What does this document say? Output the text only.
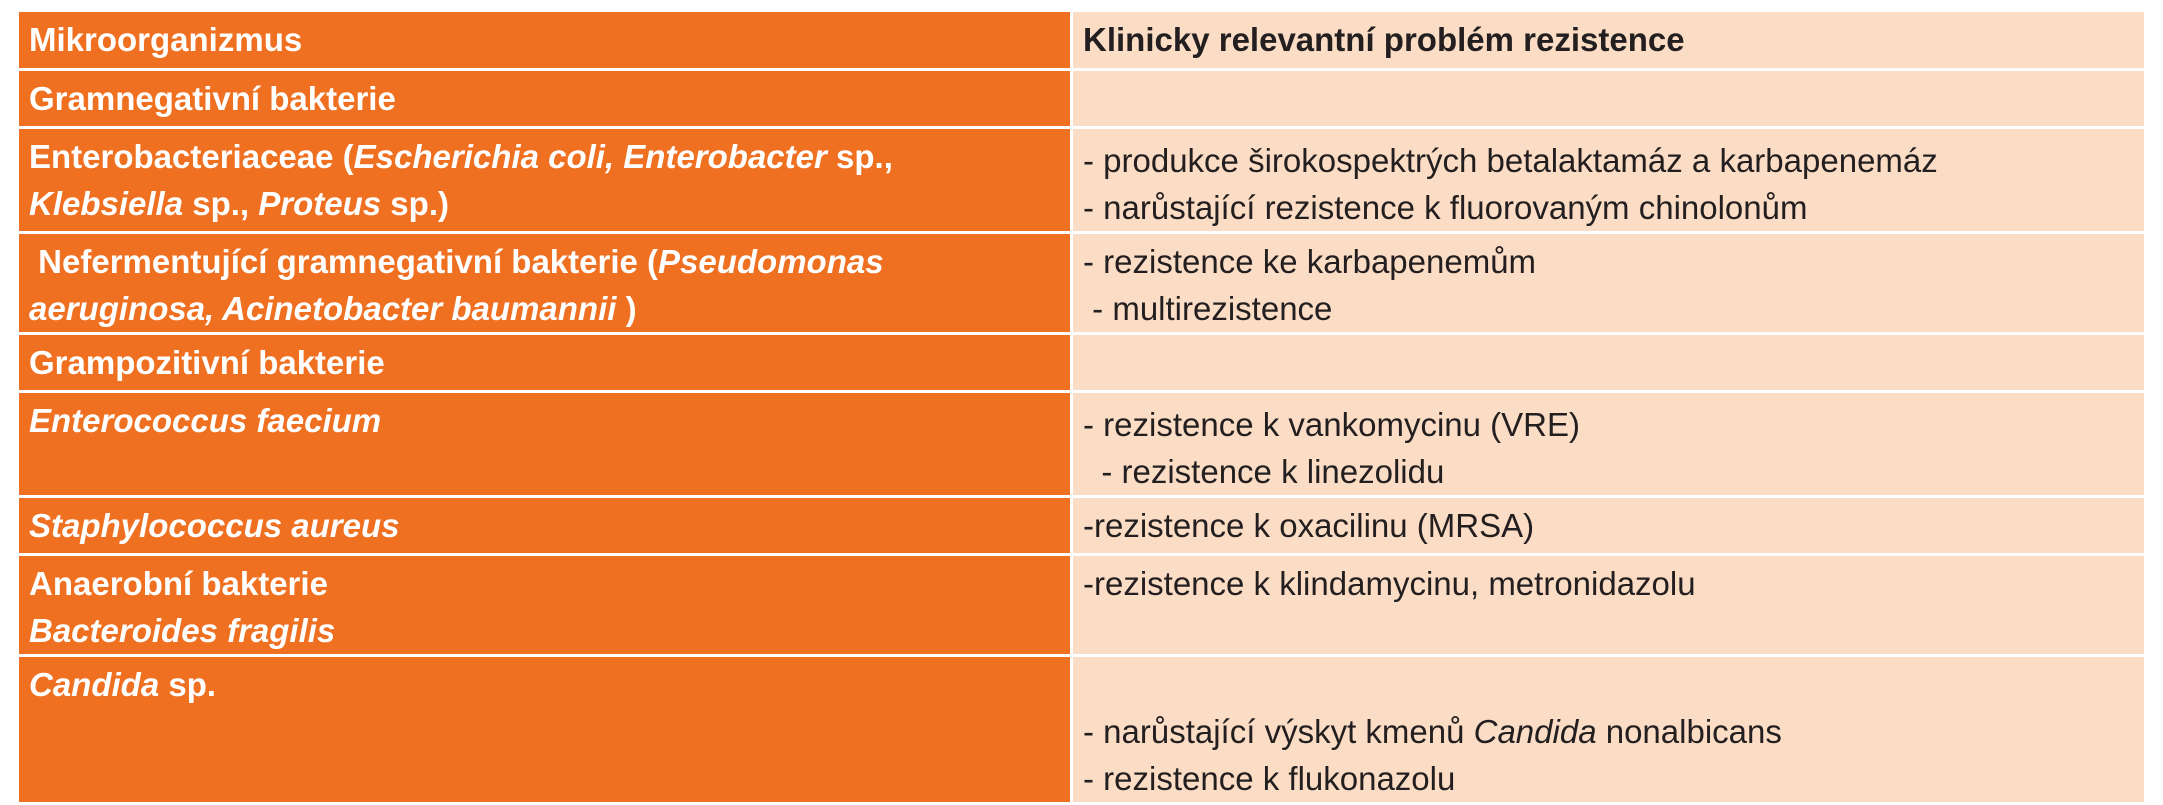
Mikroorganizmus	Klinicky relevantní problém rezistence

Gramnegativní bakterie	

Enterobacteriaceae (Escherichia coli, Enterobacter sp.,
Klebsiella sp., Proteus sp.)	- produkce širokospektrých betalaktamáz a karbapenemáz
- narůstající rezistence k fluorovaným chinolonům

Nefermentující gramnegativní bakterie (Pseudomonas
aeruginosa, Acinetobacter baumannii )	- rezistence ke karbapenemům
- multirezistence

Grampozitivní bakterie	

Enterococcus faecium	- rezistence k vankomycinu (VRE)
- rezistence k linezolidu

Staphylococcus aureus	-rezistence k oxacilinu (MRSA)

Anaerobní bakterie
Bacteroides fragilis	-rezistence k klindamycinu, metronidazolu

Candida sp.	- narůstající výskyt kmenů Candida nonalbicans
- rezistence k flukonazolu
